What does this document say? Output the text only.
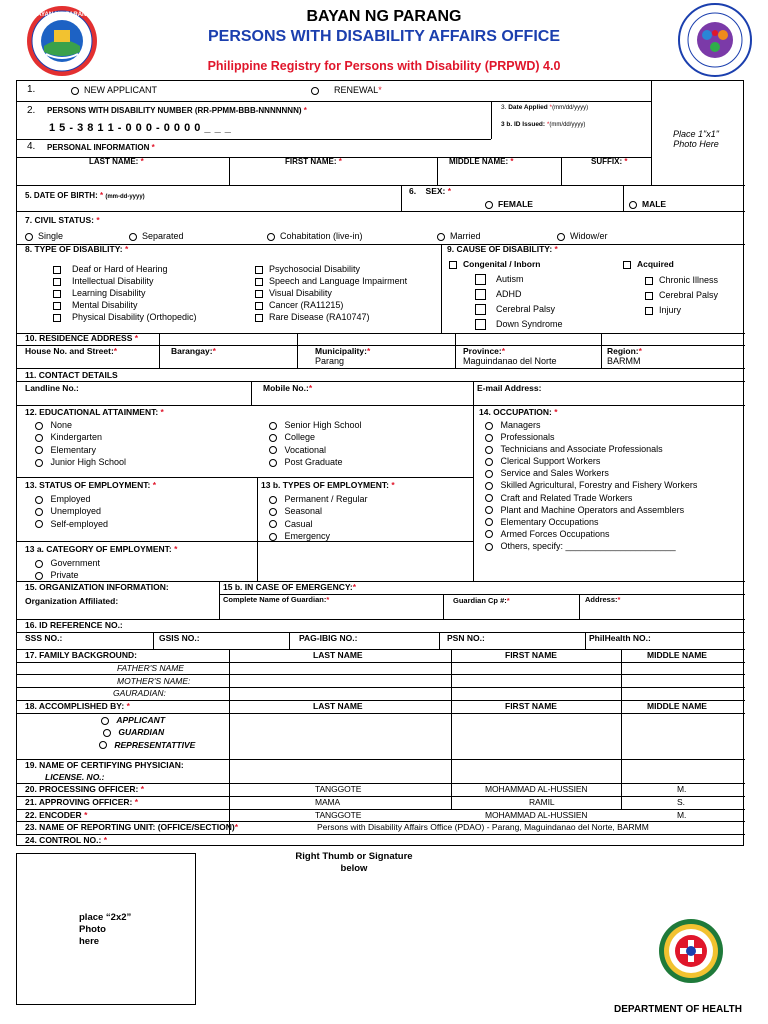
BAYAN NG PARANG
PERSONS WITH DISABILITY AFFAIRS OFFICE
Philippine Registry for Persons with Disability (PRPWD) 4.0
BAYAN NG PARANG
1.	NEW APPLICANT	RENEWAL*
2. PERSONS WITH DISABILITY NUMBER (RR-PPMM-BBB-NNNNNNN) *
1 5 - 3 8 1 1 - 0 0 0 - 0 0 0 0 _ _ _
3. Date Applied *(mm/dd/yyyy)
3 b. ID Issued: *(mm/dd/yyyy)
Place 1"x1"
Photo Here
4. PERSONAL INFORMATION *
LAST NAME: *	FIRST NAME: *	MIDDLE NAME: *	SUFFIX: *
5. DATE OF BIRTH: * (mm-dd-yyyy)
6. SEX: *
FEMALE	MALE
7. CIVIL STATUS: *
Single	Separated	Cohabitation (live-in)	Married	Widow/er
8. TYPE OF DISABILITY: *
Deaf or Hard of Hearing
Intellectual Disability
Learning Disability
Mental Disability
Physical Disability (Orthopedic)
Psychosocial Disability
Speech and Language Impairment
Visual Disability
Cancer (RA11215)
Rare Disease (RA10747)
9. CAUSE OF DISABILITY: *
Congenital / Inborn
Autism
ADHD
Cerebral Palsy
Down Syndrome
Acquired
Chronic Illness
Cerebral Palsy
Injury
10. RESIDENCE ADDRESS *
House No. and Street:*	Barangay:*	Municipality:*
Parang
Province:*
Maguindanao del Norte
Region:*
BARMM
11. CONTACT DETAILS
Landline No.:	Mobile No.:*	E-mail Address:
12. EDUCATIONAL ATTAINMENT: *
None
Kindergarten
Elementary
Junior High School
Senior High School
College
Vocational
Post Graduate
14. OCCUPATION: *
Managers
Professionals
Technicians and Associate Professionals
Clerical Support Workers
Service and Sales Workers
Skilled Agricultural, Forestry and Fishery Workers
Craft and Related Trade Workers
Plant and Machine Operators and Assemblers
Elementary Occupations
Armed Forces Occupations
Others, specify: ______________________
13. STATUS OF EMPLOYMENT: *
Employed
Unemployed
Self-employed
13 b. TYPES OF EMPLOYMENT: *
Permanent / Regular
Seasonal
Casual
Emergency
13 a. CATEGORY OF EMPLOYMENT: *
Government
Private
15. ORGANIZATION INFORMATION:
Organization Affiliated:
15 b. IN CASE OF EMERGENCY:*
Complete Name of Guardian:*	Guardian Cp #:*	Address:*
16. ID REFERENCE NO.:
SSS NO.:	GSIS NO.:	PAG-IBIG NO.:	PSN NO.:	PhilHealth NO.:
17. FAMILY BACKGROUND:	LAST NAME	FIRST NAME	MIDDLE NAME
FATHER'S NAME
MOTHER'S NAME:
GAURADIAN:
18. ACCOMPLISHED BY: *	LAST NAME	FIRST NAME	MIDDLE NAME
APPLICANT
GUARDIAN
REPRESENTATTIVE
19. NAME OF CERTIFYING PHYSICIAN:
LICENSE. NO.:
20. PROCESSING OFFICER: *	TANGGOTE	MOHAMMAD AL-HUSSIEN	M.
21. APPROVING OFFICER: *	MAMA	RAMIL	S.
22. ENCODER *	TANGGOTE	MOHAMMAD AL-HUSSIEN	M.
23. NAME OF REPORTING UNIT: (OFFICE/SECTION)*	Persons with Disability Affairs Office (PDAO) - Parang, Maguindanao del Norte, BARMM
24. CONTROL NO.: *
place “2x2”
Photo
here
Right Thumb or Signature
below
DEPARTMENT OF HEALTH
